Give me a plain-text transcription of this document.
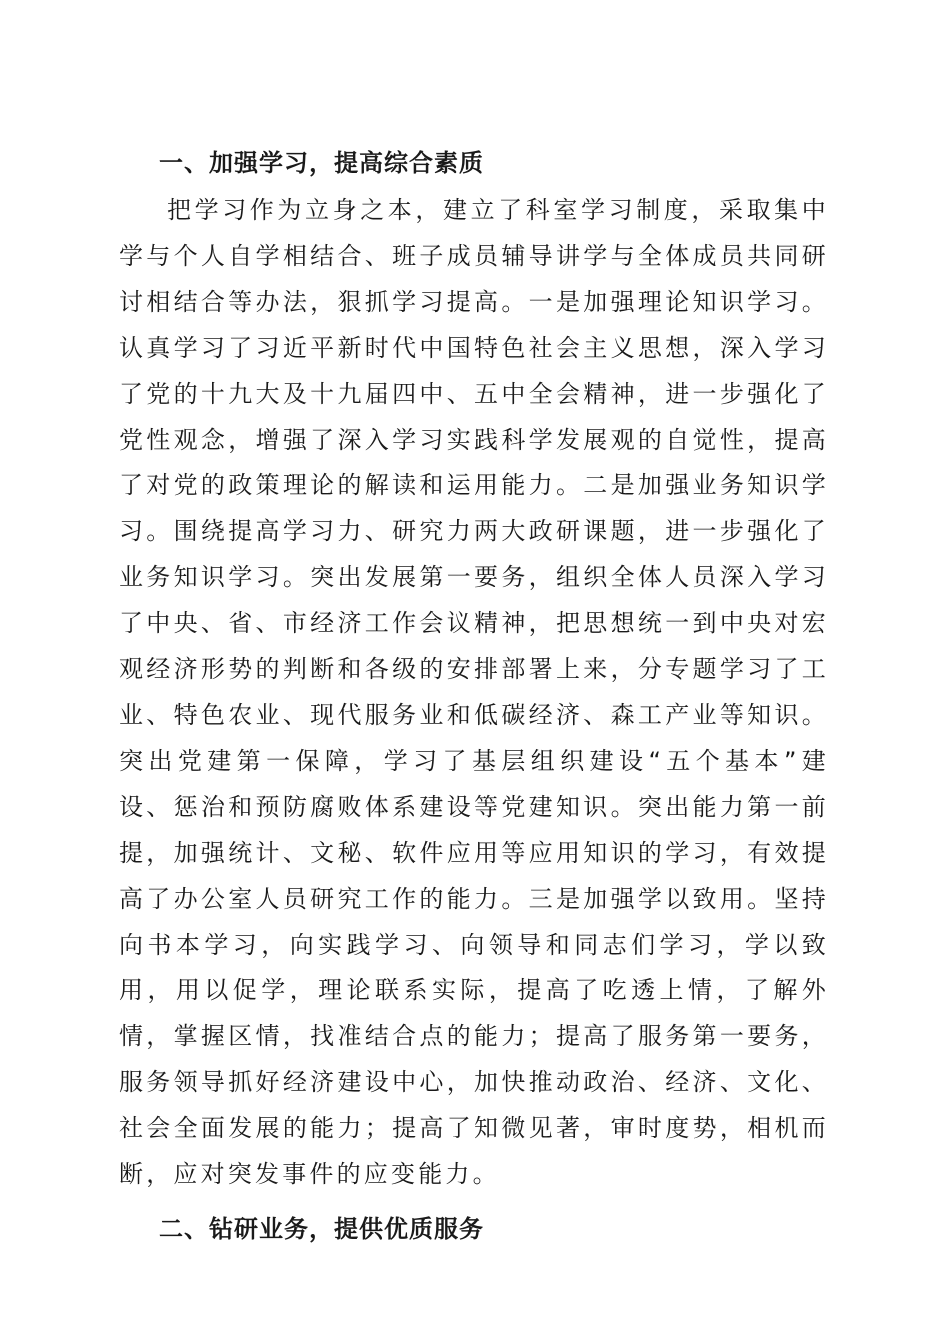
一、加强学习，提高综合素质

把学习作为立身之本，建立了科室学习制度，采取集中学与个人自学相结合、班子成员辅导讲学与全体成员共同研讨相结合等办法，狠抓学习提高。一是加强理论知识学习。认真学习了习近平新时代中国特色社会主义思想，深入学习了党的十九大及十九届四中、五中全会精神，进一步强化了党性观念，增强了深入学习实践科学发展观的自觉性，提高了对党的政策理论的解读和运用能力。二是加强业务知识学习。围绕提高学习力、研究力两大政研课题，进一步强化了业务知识学习。突出发展第一要务，组织全体人员深入学习了中央、省、市经济工作会议精神，把思想统一到中央对宏观经济形势的判断和各级的安排部署上来，分专题学习了工业、特色农业、现代服务业和低碳经济、森工产业等知识。突出党建第一保障，学习了基层组织建设“五个基本”建设、惩治和预防腐败体系建设等党建知识。突出能力第一前提，加强统计、文秘、软件应用等应用知识的学习，有效提高了办公室人员研究工作的能力。三是加强学以致用。坚持向书本学习，向实践学习、向领导和同志们学习，学以致用，用以促学，理论联系实际，提高了吃透上情，了解外情，掌握区情，找准结合点的能力；提高了服务第一要务，服务领导抓好经济建设中心，加快推动政治、经济、文化、社会全面发展的能力；提高了知微见著，审时度势，相机而断，应对突发事件的应变能力。

二、钻研业务，提供优质服务
